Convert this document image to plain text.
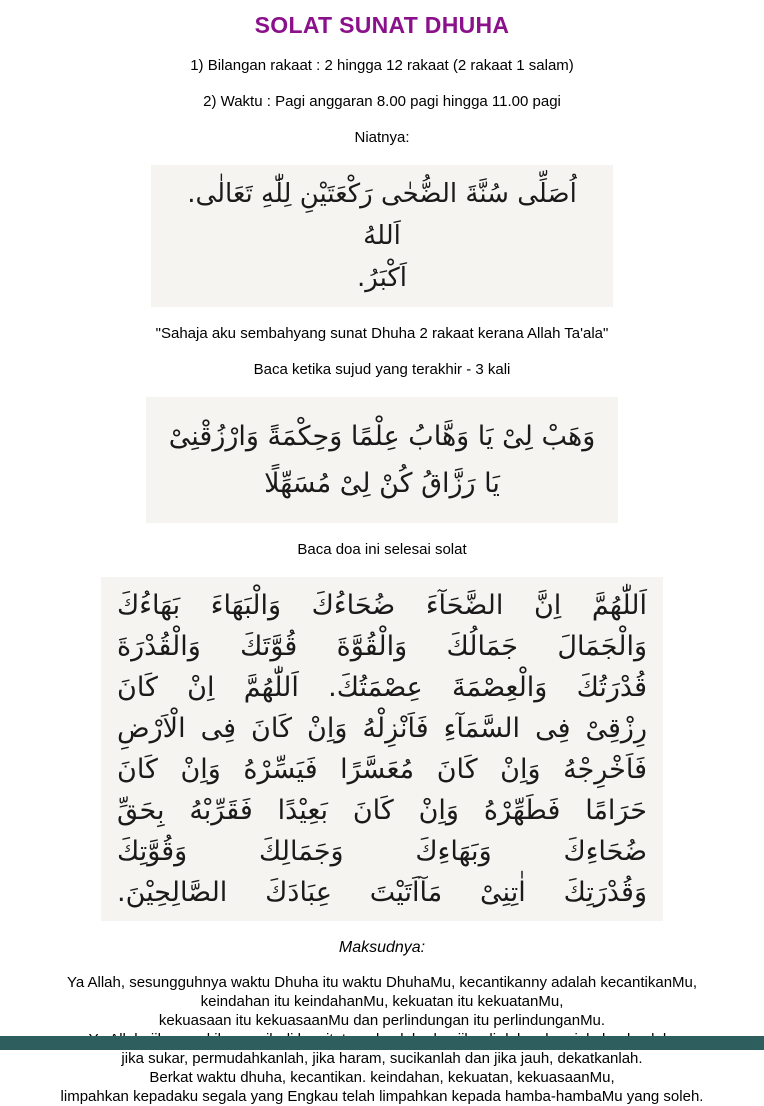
SOLAT SUNAT DHUHA

1) Bilangan rakaat : 2 hingga 12 rakaat (2 rakaat 1 salam)

2) Waktu : Pagi anggaran 8.00 pagi hingga 11.00 pagi

Niatnya:

اُصَلِّى سُنَّةَ الضُّحٰى رَكْعَتَيْنِ لِلّٰهِ تَعَالٰى. اَللهُ
اَكْبَرُ.

"Sahaja aku sembahyang sunat Dhuha 2 rakaat kerana Allah Ta'ala"

Baca ketika sujud yang terakhir - 3 kali

وَهَبْ لِىْ يَا وَهَّابُ عِلْمًا وَحِكْمَةً وَارْزُقْنِىْ
يَا رَزَّاقُ كُنْ لِىْ مُسَهِّلًا

Baca doa ini selesai solat

اَللّٰهُمَّ اِنَّ الضَّحَآءَ ضُحَاءُكَ وَالْبَهَاءَ بَهَاءُكَ
وَالْجَمَالَ جَمَالُكَ وَالْقُوَّةَ قُوَّتَكَ وَالْقُدْرَةَ
قُدْرَتُكَ وَالْعِصْمَةَ عِصْمَتُكَ. اَللّٰهُمَّ اِنْ كَانَ
رِزْقِىْ فِى السَّمَآءِ فَاَنْزِلْهُ وَاِنْ كَانَ فِى الْاَرْضِ
فَاَخْرِجْهُ وَاِنْ كَانَ مُعَسَّرًا فَيَسِّرْهُ وَاِنْ كَانَ
حَرَامًا فَطَهِّرْهُ وَاِنْ كَانَ بَعِيْدًا فَقَرِّبْهُ بِحَقِّ
ضُحَاءِكَ وَبَهَاءِكَ وَجَمَالِكَ وَقُوَّتِكَ
وَقُدْرَتِكَ اٰتِنِىْ مَآاَتَيْتَ عِبَادَكَ الصَّالِحِيْنَ.

Maksudnya:

Ya Allah, sesungguhnya waktu Dhuha itu waktu DhuhaMu, kecantikanny adalah kecantikanMu,

keindahan itu keindahanMu, kekuatan itu kekuatanMu,

kekuasaan itu kekuasaanMu dan perlindungan itu perlindunganMu.

jika sukar, permudahkanlah, jika haram, sucikanlah dan jika jauh, dekatkanlah.

Berkat waktu dhuha, kecantikan. keindahan, kekuatan, kekuasaanMu,

limpahkan kepadaku segala yang Engkau telah limpahkan kepada hamba-hambaMu yang soleh.
